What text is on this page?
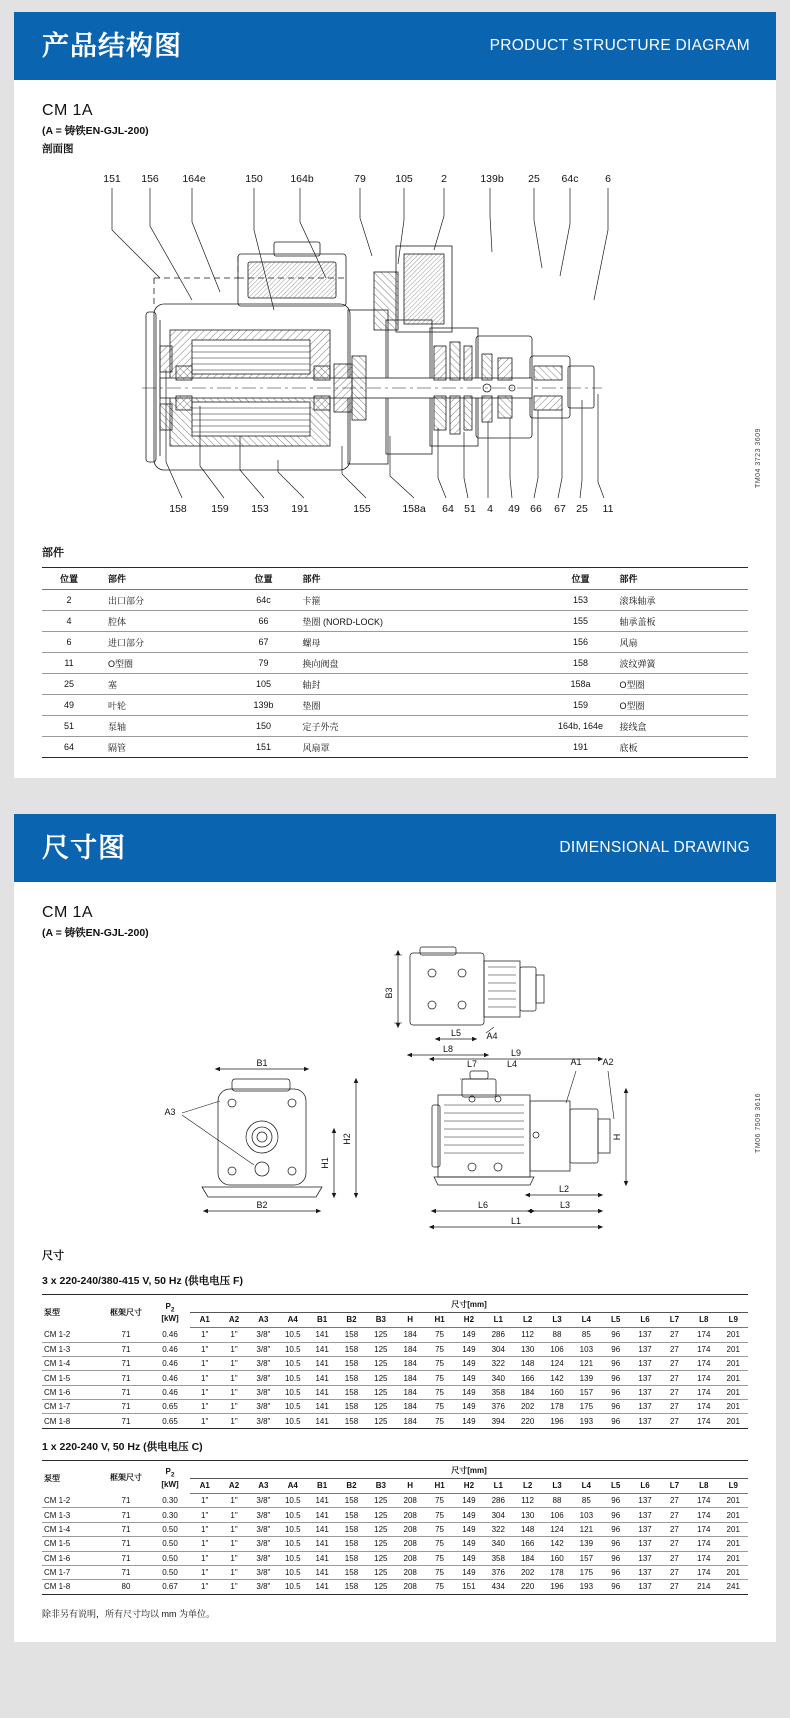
产品结构图	PRODUCT STRUCTURE DIAGRAM
CM 1A
(A = 铸铁EN-GJL-200)
剖面图
151 156 164e	150	164b	79	105	2	139b 25 64c	6
158 159 153 191	155	158a 64 51 4 49 66 67 25 11
TM04 3723 3609
部件
位置	部件	位置	部件	位置	部件
2	出口部分	64c	卡箍	153	滚珠轴承
4	腔体	66	垫圈 (NORD-LOCK)	155	轴承盖板
6	进口部分	67	螺母	156	风扇
11	O型圈	79	换向阀盘	158	波纹弹簧
25	塞	105	轴封	158a	O型圈
49	叶轮	139b	垫圈	159	O型圈
51	泵轴	150	定子外壳	164b, 164e	接线盒
64	隔管	151	风扇罩	191	底板
尺寸图	DIMENSIONAL DRAWING
CM 1A
(A = 铸铁EN-GJL-200)
B3
L5	A4
L8
B1
A3
H1
H2
B2
L9
L7	L4	A1 A2
H
L2
L6	L3
L1
TM06 7509 3616
尺寸
3 x 220-240/380-415 V, 50 Hz (供电电压 F)
泵型	框架尺寸	$P_2$
[kW]	尺寸[mm]																		
			A1	A2	A3	A4	B1	B2	B3	H	H1	H2	L1	L2	L3	L4	L5	L6	L7	L8	L9
CM 1-2	71	0.46	1"	1"	3/8"	10.5	141	158	125	184	75	149	286	112	88	85	96	137	27	174	201
CM 1-3	71	0.46	1"	1"	3/8"	10.5	141	158	125	184	75	149	304	130	106	103	96	137	27	174	201
CM 1-4	71	0.46	1"	1"	3/8"	10.5	141	158	125	184	75	149	322	148	124	121	96	137	27	174	201
CM 1-5	71	0.46	1"	1"	3/8"	10.5	141	158	125	184	75	149	340	166	142	139	96	137	27	174	201
CM 1-6	71	0.46	1"	1"	3/8"	10.5	141	158	125	184	75	149	358	184	160	157	96	137	27	174	201
CM 1-7	71	0.65	1"	1"	3/8"	10.5	141	158	125	184	75	149	376	202	178	175	96	137	27	174	201
CM 1-8	71	0.65	1"	1"	3/8"	10.5	141	158	125	184	75	149	394	220	196	193	96	137	27	174	201
1 x 220-240 V, 50 Hz (供电电压 C)
泵型	框架尺寸	$P_2$
[kW]	尺寸[mm]																		
			A1	A2	A3	A4	B1	B2	B3	H	H1	H2	L1	L2	L3	L4	L5	L6	L7	L8	L9
CM 1-2	71	0.30	1"	1"	3/8"	10.5	141	158	125	208	75	149	286	112	88	85	96	137	27	174	201
CM 1-3	71	0.30	1"	1"	3/8"	10.5	141	158	125	208	75	149	304	130	106	103	96	137	27	174	201
CM 1-4	71	0.50	1"	1"	3/8"	10.5	141	158	125	208	75	149	322	148	124	121	96	137	27	174	201
CM 1-5	71	0.50	1"	1"	3/8"	10.5	141	158	125	208	75	149	340	166	142	139	96	137	27	174	201
CM 1-6	71	0.50	1"	1"	3/8"	10.5	141	158	125	208	75	149	358	184	160	157	96	137	27	174	201
CM 1-7	71	0.50	1"	1"	3/8"	10.5	141	158	125	208	75	149	376	202	178	175	96	137	27	174	201
CM 1-8	80	0.67	1"	1"	3/8"	10.5	141	158	125	208	75	151	434	220	196	193	96	137	27	214	241
除非另有说明，所有尺寸均以 mm 为单位。
